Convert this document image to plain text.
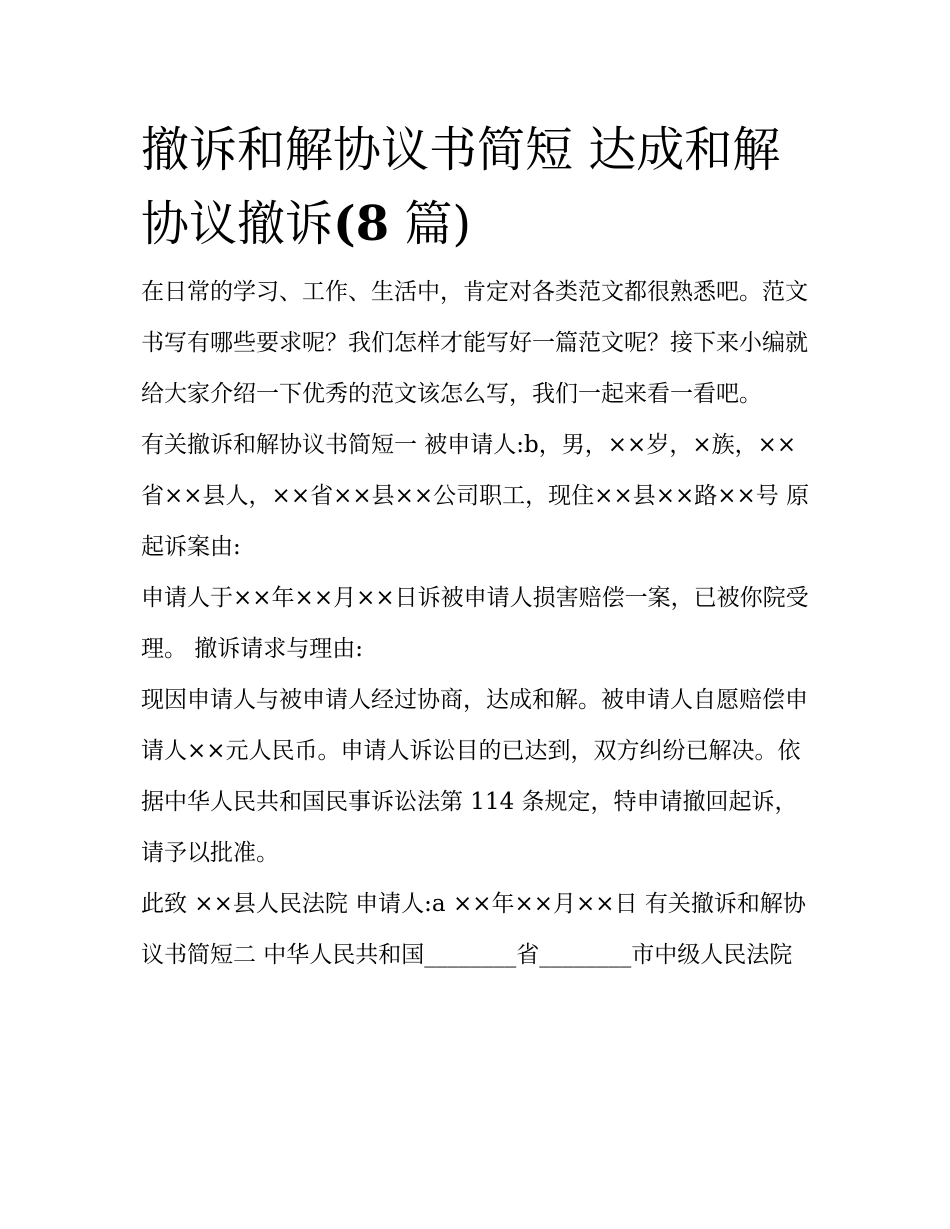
撤诉和解协议书简短 达成和解
协议撤诉(8 篇)

在日常的学习、工作、生活中，肯定对各类范文都很熟悉吧。范文书写有哪些要求呢？我们怎样才能写好一篇范文呢？接下来小编就给大家介绍一下优秀的范文该怎么写，我们一起来看一看吧。

有关撤诉和解协议书简短一 被申请人:b，男，××岁，×族，××省××县人，××省××县××公司职工，现住××县××路××号 原起诉案由:

申请人于××年××月××日诉被申请人损害赔偿一案，已被你院受理。 撤诉请求与理由:

现因申请人与被申请人经过协商，达成和解。被申请人自愿赔偿申请人××元人民币。申请人诉讼目的已达到，双方纠纷已解决。依据中华人民共和国民事诉讼法第 114 条规定，特申请撤回起诉，请予以批准。

此致 ××县人民法院 申请人:a ××年××月××日 有关撤诉和解协议书简短二 中华人民共和国________省________市中级人民法院
